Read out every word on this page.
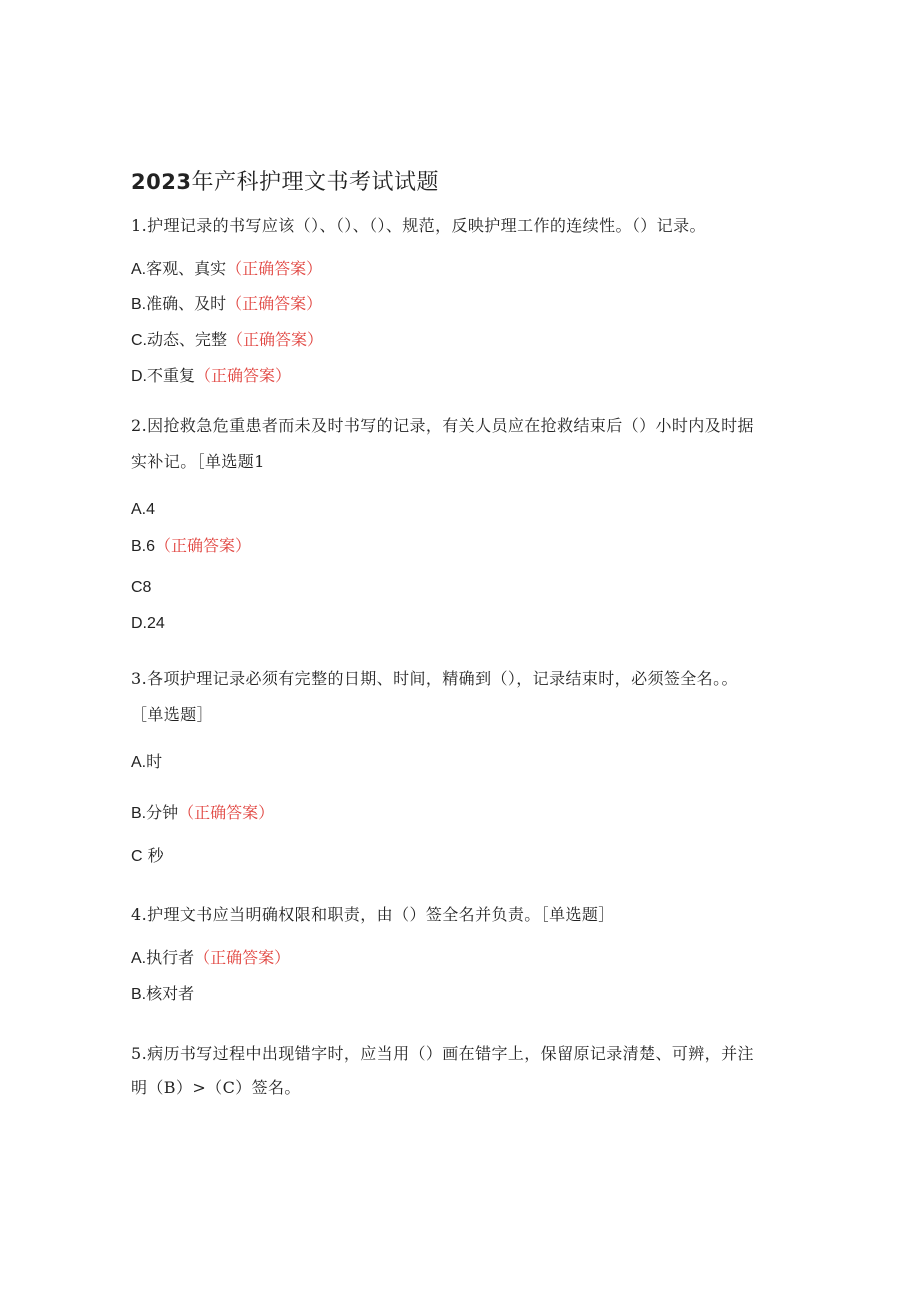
2023年产科护理文书考试试题

1.护理记录的书写应该（）、（）、（）、规范，反映护理工作的连续性。（）记录。

A.客观、真实（正确答案）

B.准确、及时（正确答案）

C.动态、完整（正确答案）

D.不重复（正确答案）

2.因抢救急危重患者而未及时书写的记录，有关人员应在抢救结束后（）小时内及时据

实补记。［单选题1

A.4

B.6（正确答案）

C8

D.24

3.各项护理记录必须有完整的日期、时间，精确到（），记录结束时，必须签全名。。

［单选题］

A.时

B.分钟（正确答案）

C 秒

4.护理文书应当明确权限和职责，由（）签全名并负责。［单选题］

A.执行者（正确答案）

B.核对者

5.病历书写过程中出现错字时，应当用（）画在错字上，保留原记录清楚、可辨，并注

明（B）>（C）签名。
